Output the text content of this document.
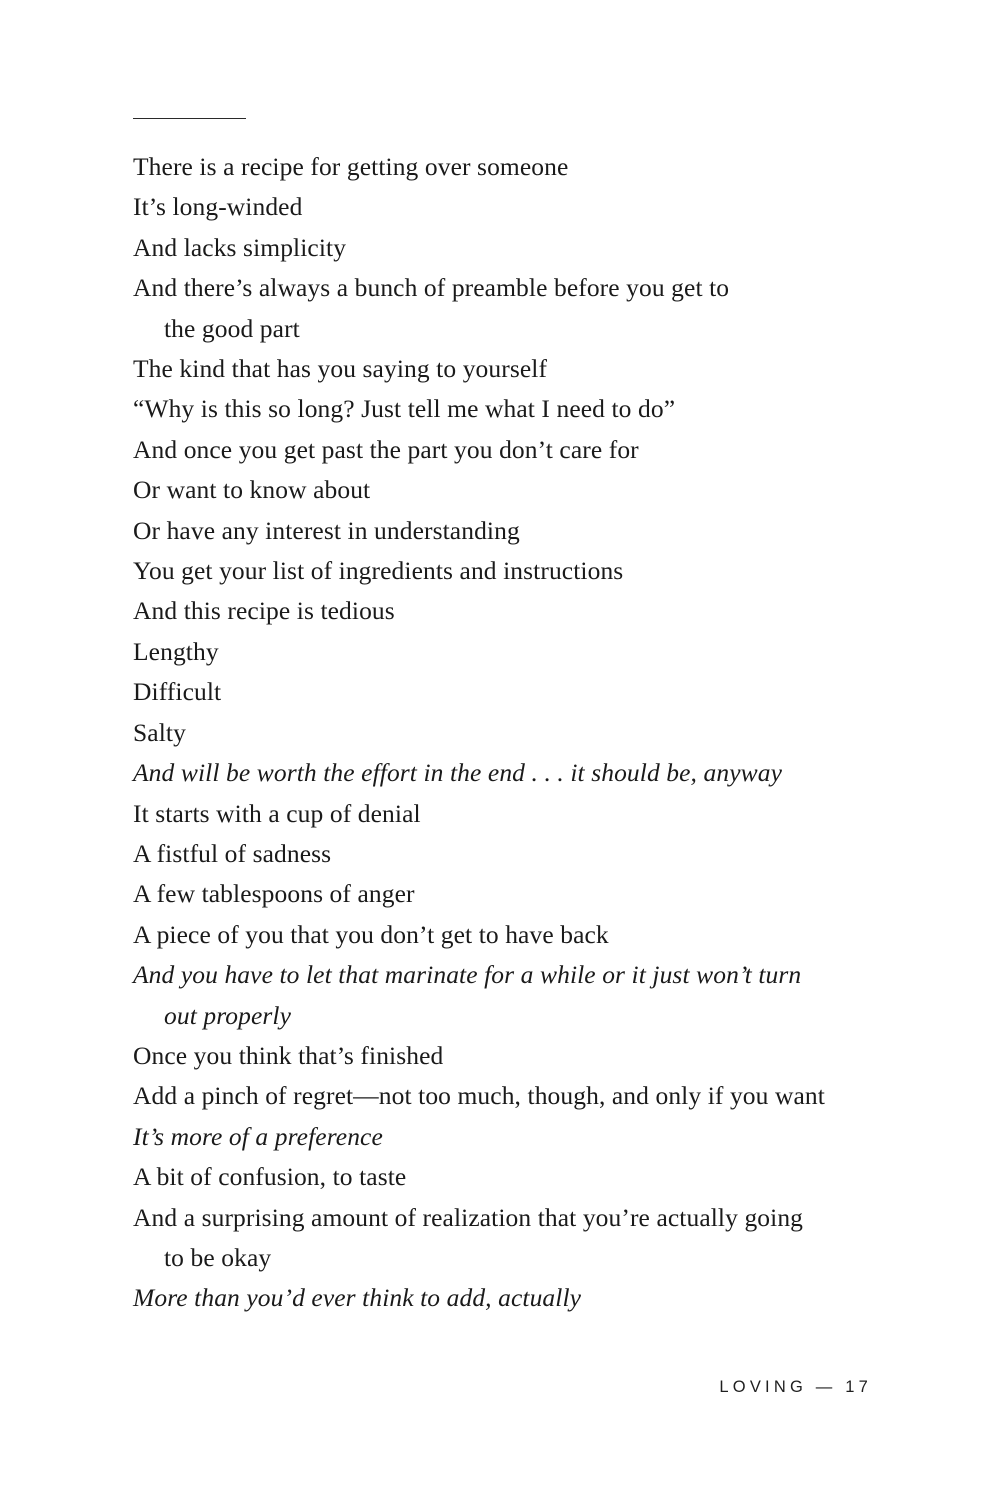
There is a recipe for getting over someone
It’s long-winded
And lacks simplicity
And there’s always a bunch of preamble before you get to
the good part
The kind that has you saying to yourself
“Why is this so long? Just tell me what I need to do”
And once you get past the part you don’t care for
Or want to know about
Or have any interest in understanding
You get your list of ingredients and instructions
And this recipe is tedious
Lengthy
Difficult
Salty
And will be worth the effort in the end . . . it should be, anyway
It starts with a cup of denial
A fistful of sadness
A few tablespoons of anger
A piece of you that you don’t get to have back
And you have to let that marinate for a while or it just won’t turn
out properly
Once you think that’s finished
Add a pinch of regret—not too much, though, and only if you want
It’s more of a preference
A bit of confusion, to taste
And a surprising amount of realization that you’re actually going
to be okay
More than you’d ever think to add, actually
LOVING — 17
